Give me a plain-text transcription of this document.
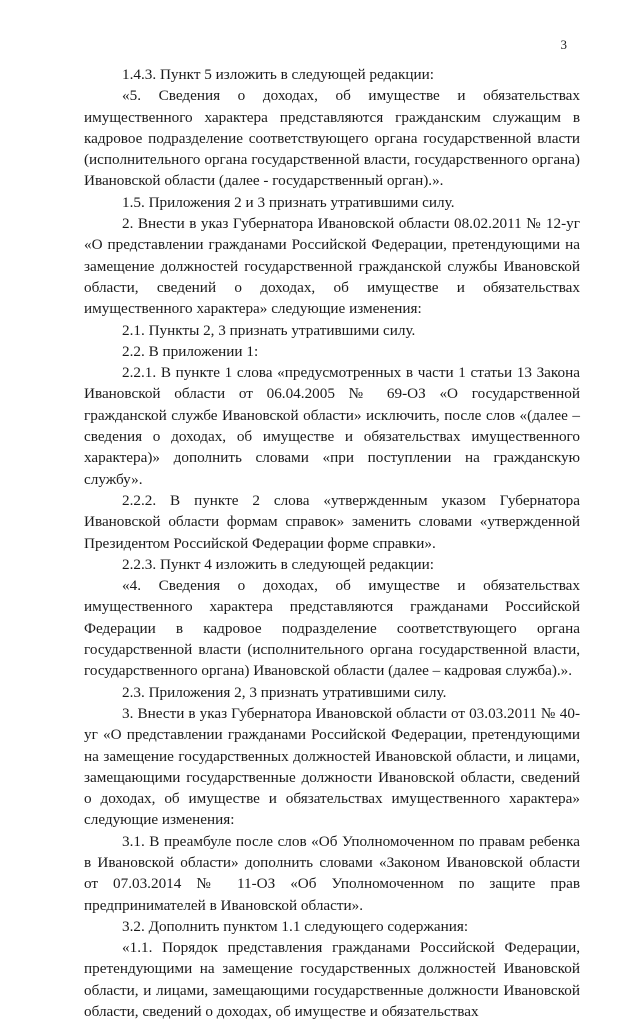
3

1.4.3. Пункт 5 изложить в следующей редакции:

«5. Сведения о доходах, об имуществе и обязательствах имущественного характера представляются гражданским служащим в кадровое подразделение соответствующего органа государственной власти (исполнительного органа государственной власти, государственного органа) Ивановской области (далее - государственный орган).».

1.5. Приложения 2 и 3 признать утратившими силу.

2. Внести в указ Губернатора Ивановской области 08.02.2011 № 12-уг «О представлении гражданами Российской Федерации, претендующими на замещение должностей государственной гражданской службы Ивановской области, сведений о доходах, об имуществе и обязательствах имущественного характера» следующие изменения:

2.1. Пункты 2, 3 признать утратившими силу.

2.2. В приложении 1:

2.2.1. В пункте 1 слова «предусмотренных в части 1 статьи 13 Закона Ивановской области от 06.04.2005 № 69-ОЗ «О государственной гражданской службе Ивановской области» исключить, после слов «(далее – сведения о доходах, об имуществе и обязательствах имущественного характера)» дополнить словами «при поступлении на гражданскую службу».

2.2.2. В пункте 2 слова «утвержденным указом Губернатора Ивановской области формам справок» заменить словами «утвержденной Президентом Российской Федерации форме справки».

2.2.3. Пункт 4 изложить в следующей редакции:

«4. Сведения о доходах, об имуществе и обязательствах имущественного характера представляются гражданами Российской Федерации в кадровое подразделение соответствующего органа государственной власти (исполнительного органа государственной власти, государственного органа) Ивановской области (далее – кадровая служба).».

2.3. Приложения 2, 3 признать утратившими силу.

3. Внести в указ Губернатора Ивановской области от 03.03.2011 № 40-уг «О представлении гражданами Российской Федерации, претендующими на замещение государственных должностей Ивановской области, и лицами, замещающими государственные должности Ивановской области, сведений о доходах, об имуществе и обязательствах имущественного характера» следующие изменения:

3.1. В преамбуле после слов «Об Уполномоченном по правам ребенка в Ивановской области» дополнить словами «Законом Ивановской области от 07.03.2014 № 11-ОЗ «Об Уполномоченном по защите прав предпринимателей в Ивановской области».

3.2. Дополнить пунктом 1.1 следующего содержания:

«1.1. Порядок представления гражданами Российской Федерации, претендующими на замещение государственных должностей Ивановской области, и лицами, замещающими государственные должности Ивановской области, сведений о доходах, об имуществе и обязательствах
